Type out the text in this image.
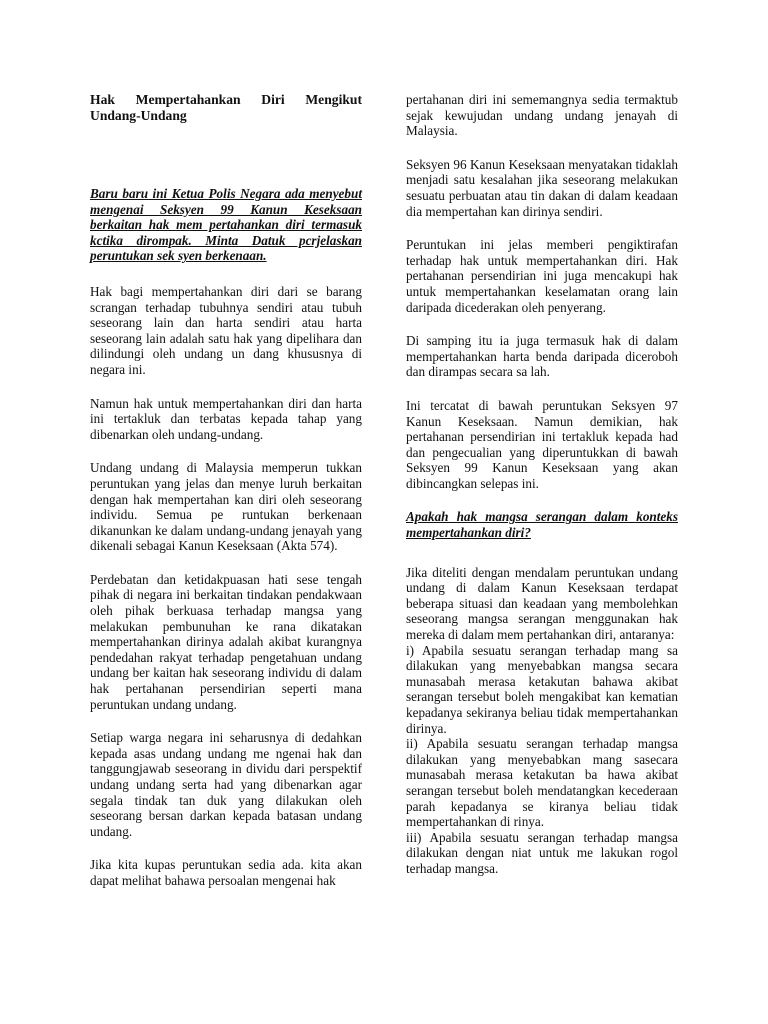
Hak Mempertahankan Diri Mengikut Undang-Undang

Baru baru ini Ketua Polis Negara ada menyebut mengenai Seksyen 99 Kanun Keseksaan berkaitan hak mem pertahankan diri termasuk kctika dirompak. Minta Datuk pcrjelaskan peruntukan sek syen berkenaan.

Hak bagi mempertahankan diri dari se barang scrangan terhadap tubuhnya sendiri atau tubuh seseorang lain dan harta sendiri atau harta seseorang lain adalah satu hak yang dipelihara dan dilindungi oleh undang un dang khususnya di negara ini.

Namun hak untuk mempertahankan diri dan harta ini tertakluk dan terbatas kepada tahap yang dibenarkan oleh undang-undang.

Undang undang di Malaysia memperun tukkan peruntukan yang jelas dan menye luruh berkaitan dengan hak mempertahan kan diri oleh seseorang individu. Semua pe runtukan berkenaan dikanunkan ke dalam undang-undang jenayah yang dikenali sebagai Kanun Keseksaan (Akta 574).

Perdebatan dan ketidakpuasan hati sese tengah pihak di negara ini berkaitan tindakan pendakwaan oleh pihak berkuasa terhadap mangsa yang melakukan pembunuhan ke rana dikatakan mempertahankan dirinya adalah akibat kurangnya pendedahan rakyat terhadap pengetahuan undang undang ber kaitan hak seseorang individu di dalam hak pertahanan persendirian seperti mana peruntukan undang undang.

Setiap warga negara ini seharusnya di dedahkan kepada asas undang undang me ngenai hak dan tanggungjawab seseorang in dividu dari perspektif undang undang serta had yang dibenarkan agar segala tindak tan duk yang dilakukan oleh seseorang bersan darkan kepada batasan undang undang.

Jika kita kupas peruntukan sedia ada. kita akan dapat melihat bahawa persoalan mengenai hak

pertahanan diri ini sememangnya sedia termaktub sejak kewujudan undang undang jenayah di Malaysia.

Seksyen 96 Kanun Keseksaan menyatakan tidaklah menjadi satu kesalahan jika seseorang melakukan sesuatu perbuatan atau tin dakan di dalam keadaan dia mempertahan kan dirinya sendiri.

Peruntukan ini jelas memberi pengiktirafan terhadap hak untuk mempertahankan diri. Hak pertahanan persendirian ini juga mencakupi hak untuk mempertahankan keselamatan orang lain daripada dicederakan oleh penyerang.

Di samping itu ia juga termasuk hak di dalam mempertahankan harta benda daripada diceroboh dan dirampas secara sa lah.

Ini tercatat di bawah peruntukan Seksyen 97 Kanun Keseksaan. Namun demikian, hak pertahanan persendirian ini tertakluk kepada had dan pengecualian yang diperuntukkan di bawah Seksyen 99 Kanun Keseksaan yang akan dibincangkan selepas ini.

Apakah hak mangsa serangan dalam konteks mempertahankan diri?

Jika diteliti dengan mendalam peruntukan undang undang di dalam Kanun Keseksaan terdapat beberapa situasi dan keadaan yang membolehkan seseorang mangsa serangan menggunakan hak mereka di dalam mem pertahankan diri, antaranya:

i) Apabila sesuatu serangan terhadap mang sa dilakukan yang menyebabkan mangsa secara munasabah merasa ketakutan bahawa akibat serangan tersebut boleh mengakibat kan kematian kepadanya sekiranya beliau tidak mempertahankan dirinya.

ii) Apabila sesuatu serangan terhadap mangsa dilakukan yang menyebabkan mang sasecara munasabah merasa ketakutan ba hawa akibat serangan tersebut boleh mendatangkan kecederaan parah kepadanya se kiranya beliau tidak mempertahankan di rinya.

iii) Apabila sesuatu serangan terhadap mangsa dilakukan dengan niat untuk me lakukan rogol terhadap mangsa.
